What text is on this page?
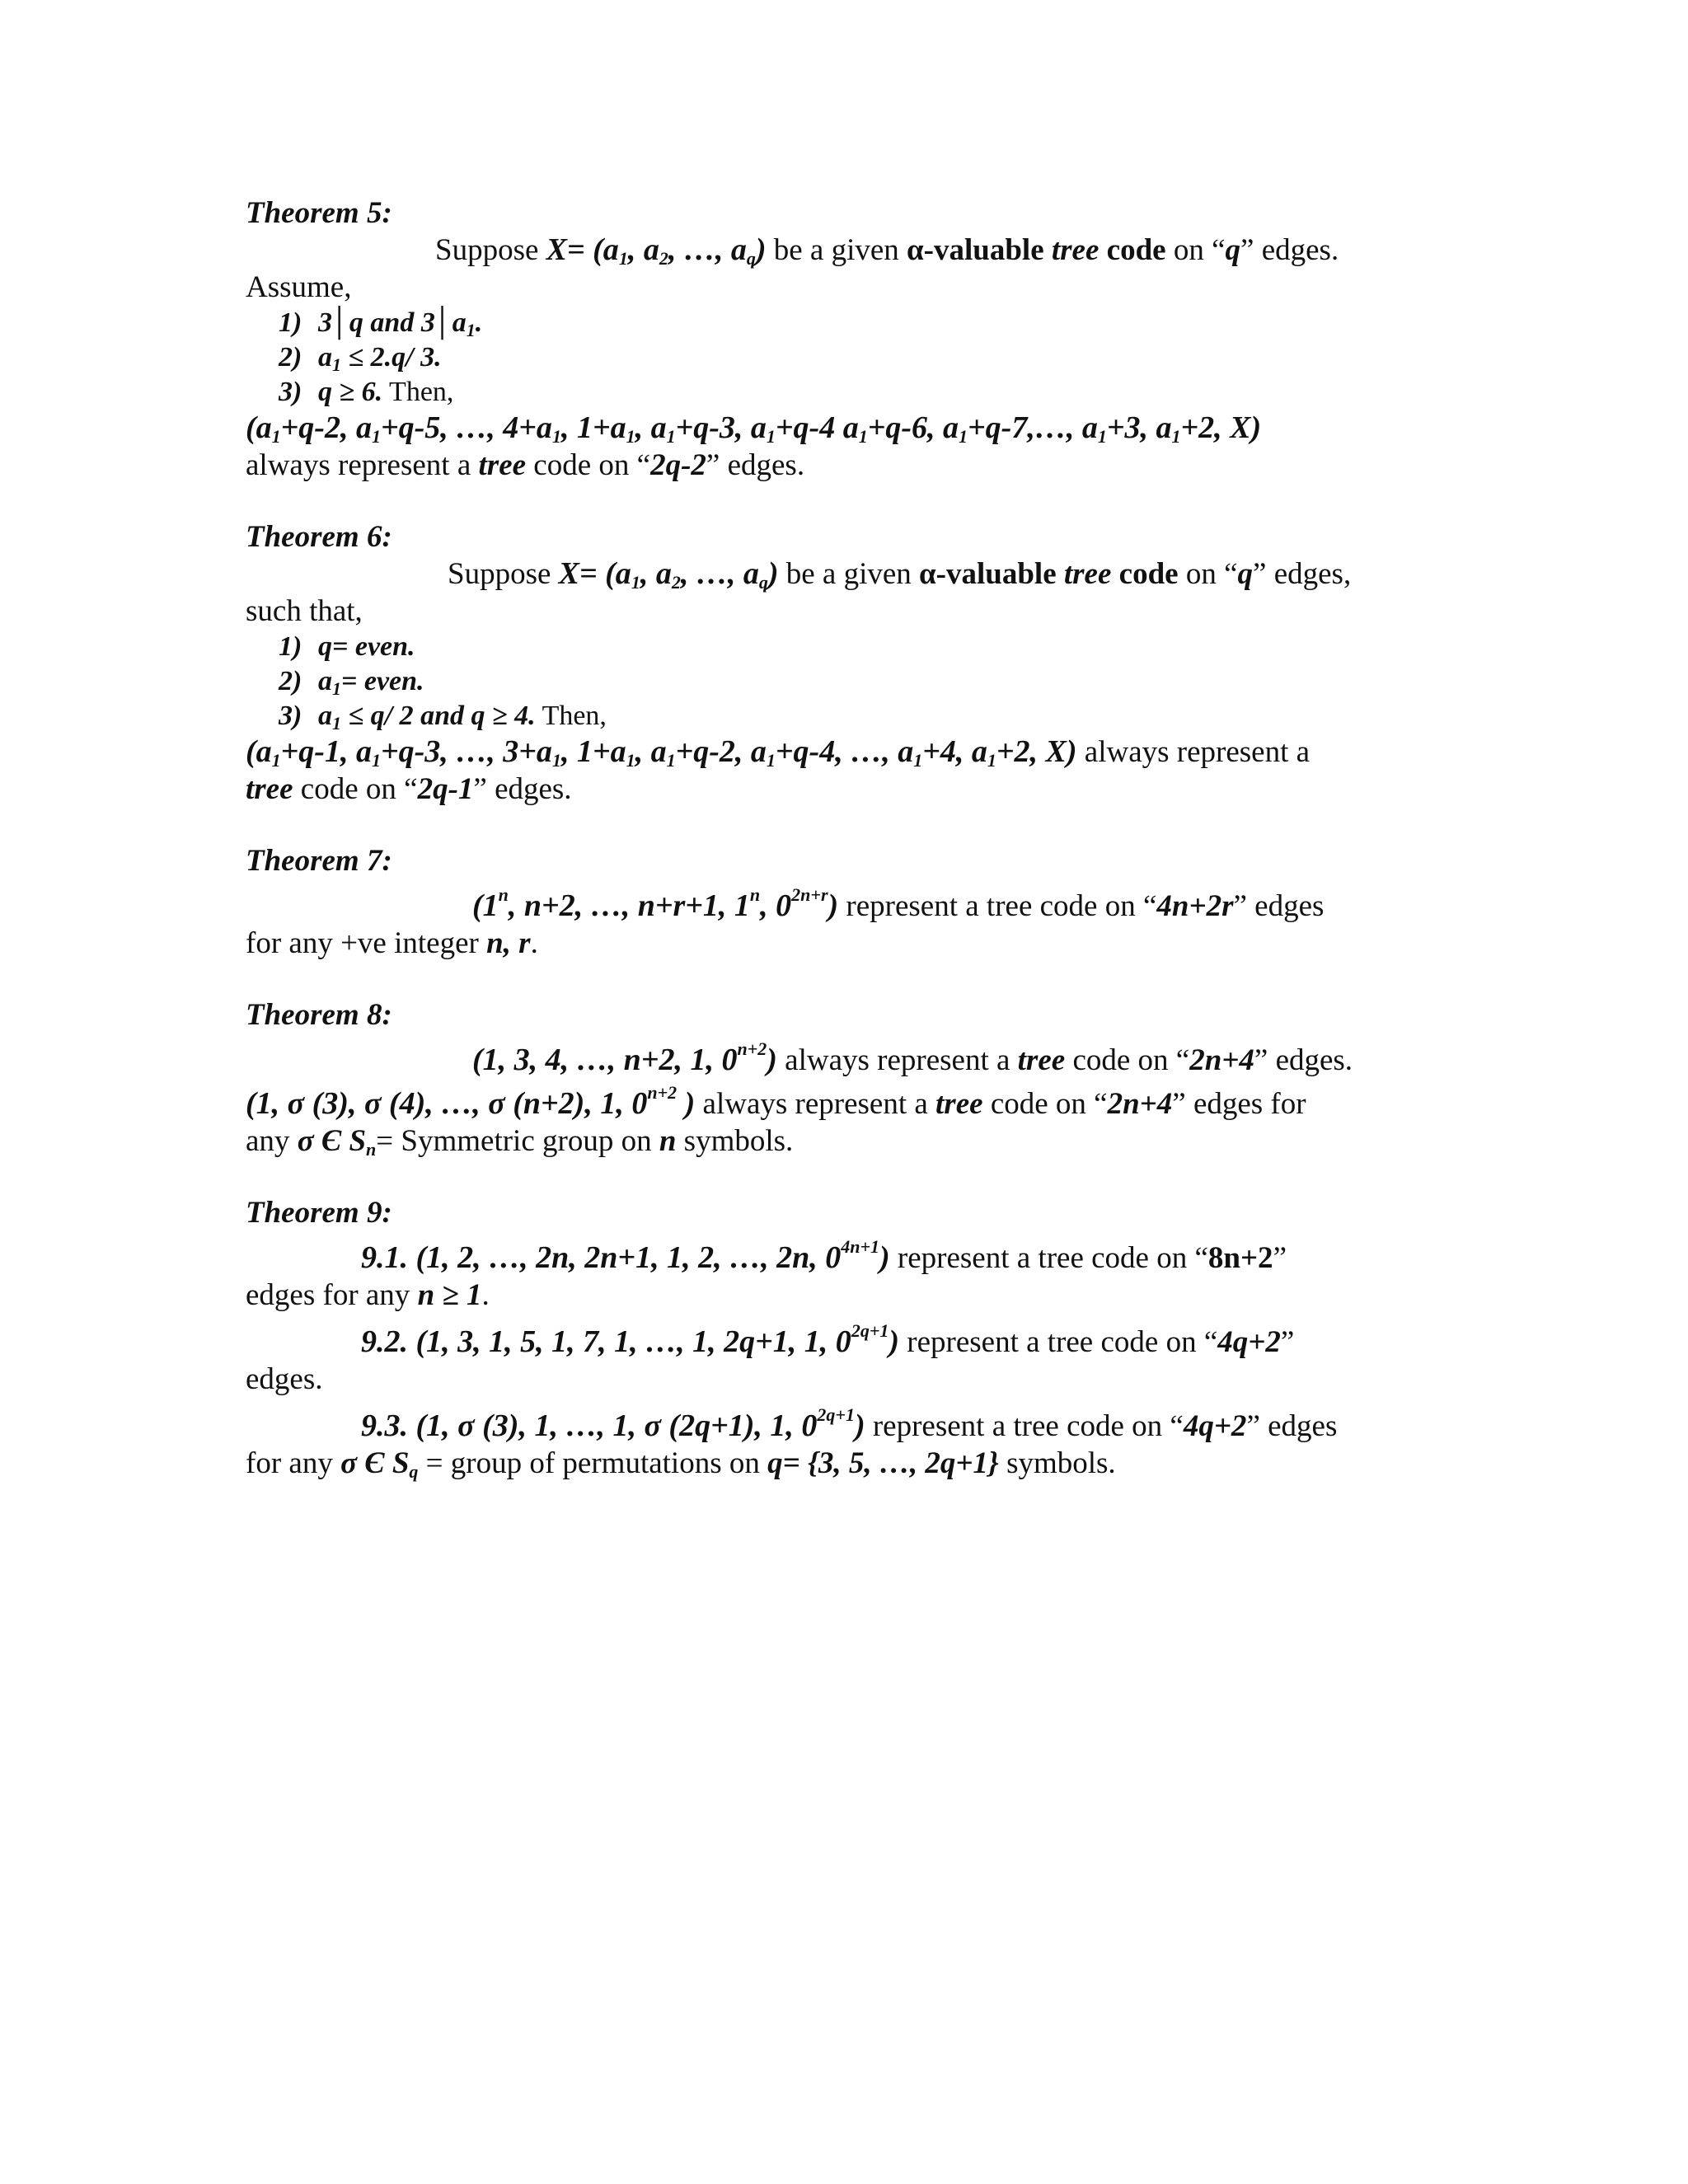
Theorem 5:
Suppose $X= (a_1$, $a_2$, …, $a_q$) be a given α-valuable tree code on “q” edges.
Assume,
1) 3│q and $3│a_1$.
2) $a_1 \le 2.q/$ 3.
3) q ≥ 6. Then,
($a_1+q-2$, $a_1+q-5$, …, $4+a_1$, $1+a_1$, $a_1+q-3$, $a_1+q-4$ $a_1+q-6$, $a_1+q-7,\dots$, $a_1+3$, $a_1+2$, X)
always represent a tree code on “2q-2” edges.
Theorem 6:
Suppose $X= (a_1$, $a_2$, …, $a_q$) be a given α-valuable tree code on “q” edges,
such that,
1) q= even.
2) $a_1=$ even.
3) $a_1 \le q/$ 2 and q ≥ 4. Then,
($a_1+q-1$, $a_1+q-3$, …, $3+a_1$, $1+a_1$, $a_1+q-2$, $a_1+q-4$, …, $a_1+4$, $a_1+2$, X) always represent a
tree code on “2q-1” edges.
Theorem 7:
(1$^n$, n+2, …, n+r+1, 1$^n$, $0^{2n+r}$) represent a tree code on “4n+2r” edges
for any +ve integer n, r.
Theorem 8:
(1, 3, 4, …, n+2, 1, $0^{n+2}$) always represent a tree code on “2n+4” edges.
(1, σ (3), σ (4), …, σ (n+2), 1, $0^{n+2}$ ) always represent a tree code on “2n+4” edges for
any σ Є $S_n=$ Symmetric group on n symbols.
Theorem 9:
9.1. (1, 2, …, 2n, 2n+1, 1, 2, …, 2n, $0^{4n+1}$) represent a tree code on “8n+2”
edges for any n ≥ 1.
9.2. (1, 3, 1, 5, 1, 7, 1, …, 1, 2q+1, 1, $0^{2q+1}$) represent a tree code on “4q+2”
edges.
9.3. (1, σ (3), 1, …, 1, σ (2q+1), 1, $0^{2q+1}$) represent a tree code on “4q+2” edges
for any σ Є $S_q$ = group of permutations on q= {3, 5, …, 2q+1} symbols.
